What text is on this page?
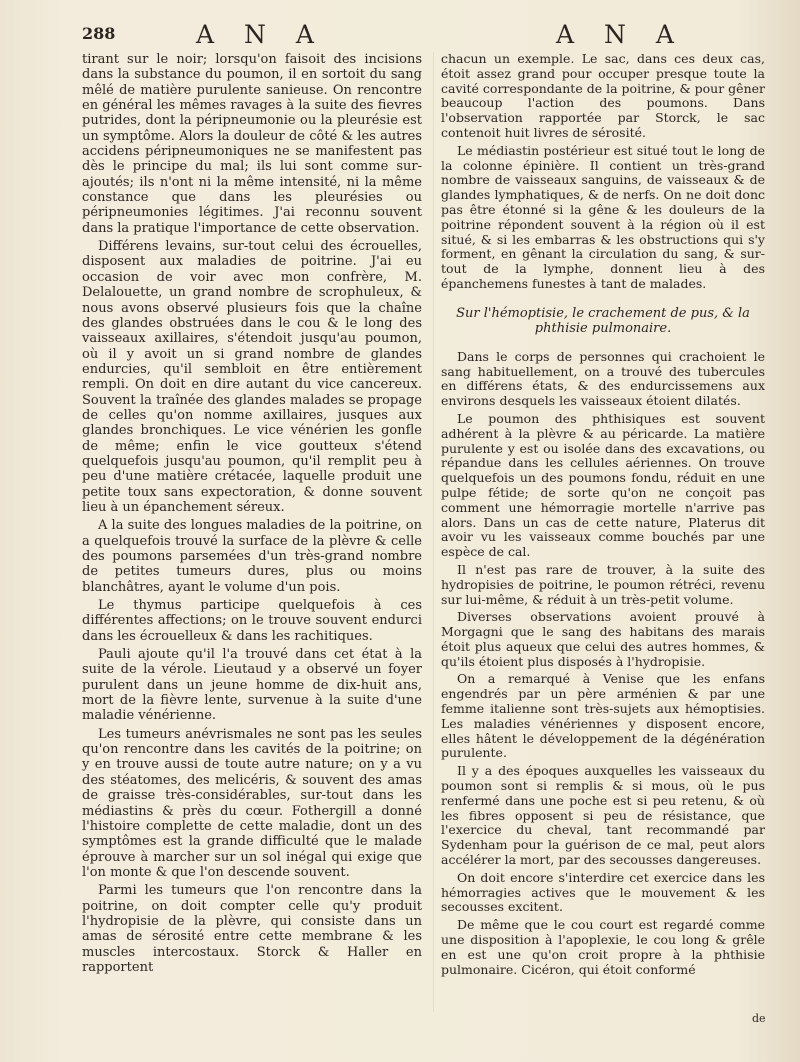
288	A N A	A N A

tirant sur le noir; lorsqu'on faisoit des incisions dans la substance du poumon, il en sortoit du sang mêlé de matière purulente sanieuse. On rencontre en général les mêmes ravages à la suite des fievres putrides, dont la péripneumonie ou la pleurésie est un symptôme. Alors la douleur de côté & les autres accidens péripneumoniques ne se manifestent pas dès le principe du mal; ils lui sont comme sur-ajoutés; ils n'ont ni la même intensité, ni la même constance que dans les pleurésies ou péripneumonies légitimes. J'ai reconnu souvent dans la pratique l'importance de cette observation.

Différens levains, sur-tout celui des écrouelles, disposent aux maladies de poitrine. J'ai eu occasion de voir avec mon confrère, M. Delalouette, un grand nombre de scrophuleux, & nous avons observé plusieurs fois que la chaîne des glandes obstruées dans le cou & le long des vaisseaux axillaires, s'étendoit jusqu'au poumon, où il y avoit un si grand nombre de glandes endurcies, qu'il sembloit en être entièrement rempli. On doit en dire autant du vice cancereux. Souvent la traînée des glandes malades se propage de celles qu'on nomme axillaires, jusques aux glandes bronchiques. Le vice vénérien les gonfle de même; enfin le vice goutteux s'étend quelquefois jusqu'au poumon, qu'il remplit peu à peu d'une matière crétacée, laquelle produit une petite toux sans expectoration, & donne souvent lieu à un épanchement séreux.

A la suite des longues maladies de la poitrine, on a quelquefois trouvé la surface de la plèvre & celle des poumons parsemées d'un très-grand nombre de petites tumeurs dures, plus ou moins blanchâtres, ayant le volume d'un pois.

Le thymus participe quelquefois à ces différentes affections; on le trouve souvent endurci dans les écrouelleux & dans les rachitiques.

Pauli ajoute qu'il l'a trouvé dans cet état à la suite de la vérole. Lieutaud y a observé un foyer purulent dans un jeune homme de dix-huit ans, mort de la fièvre lente, survenue à la suite d'une maladie vénérienne.

Les tumeurs anévrismales ne sont pas les seules qu'on rencontre dans les cavités de la poitrine; on y en trouve aussi de toute autre nature; on y a vu des stéatomes, des melicéris, & souvent des amas de graisse très-considérables, sur-tout dans les médiastins & près du cœur. Fothergill a donné l'histoire complette de cette maladie, dont un des symptômes est la grande difficulté que le malade éprouve à marcher sur un sol inégal qui exige que l'on monte & que l'on descende souvent.

Parmi les tumeurs que l'on rencontre dans la poitrine, on doit compter celle qu'y produit l'hydropisie de la plèvre, qui consiste dans un amas de sérosité entre cette membrane & les muscles intercostaux. Storck & Haller en rapportent

chacun un exemple. Le sac, dans ces deux cas, étoit assez grand pour occuper presque toute la cavité correspondante de la poitrine, & pour gêner beaucoup l'action des poumons. Dans l'observation rapportée par Storck, le sac contenoit huit livres de sérosité.

Le médiastin postérieur est situé tout le long de la colonne épinière. Il contient un très-grand nombre de vaisseaux sanguins, de vaisseaux & de glandes lymphatiques, & de nerfs. On ne doit donc pas être étonné si la gêne & les douleurs de la poitrine répondent souvent à la région où il est situé, & si les embarras & les obstructions qui s'y forment, en gênant la circulation du sang, & sur-tout de la lymphe, donnent lieu à des épanchemens funestes à tant de malades.

Sur l'hémoptisie, le crachement de pus, & la
phthisie pulmonaire.

Dans le corps de personnes qui crachoient le sang habituellement, on a trouvé des tubercules en différens états, & des endurcissemens aux environs desquels les vaisseaux étoient dilatés.

Le poumon des phthisiques est souvent adhérent à la plèvre & au péricarde. La matière purulente y est ou isolée dans des excavations, ou répandue dans les cellules aériennes. On trouve quelquefois un des poumons fondu, réduit en une pulpe fétide; de sorte qu'on ne conçoit pas comment une hémorragie mortelle n'arrive pas alors. Dans un cas de cette nature, Platerus dit avoir vu les vaisseaux comme bouchés par une espèce de cal.

Il n'est pas rare de trouver, à la suite des hydropisies de poitrine, le poumon rétréci, revenu sur lui-même, & réduit à un très-petit volume.

Diverses observations avoient prouvé à Morgagni que le sang des habitans des marais étoit plus aqueux que celui des autres hommes, & qu'ils étoient plus disposés à l'hydropisie.

On a remarqué à Venise que les enfans engendrés par un père arménien & par une femme italienne sont très-sujets aux hémoptisies. Les maladies vénériennes y disposent encore, elles hâtent le développement de la dégénération purulente.

Il y a des époques auxquelles les vaisseaux du poumon sont si remplis & si mous, où le pus renfermé dans une poche est si peu retenu, & où les fibres opposent si peu de résistance, que l'exercice du cheval, tant recommandé par Sydenham pour la guérison de ce mal, peut alors accélérer la mort, par des secousses dangereuses.

On doit encore s'interdire cet exercice dans les hémorragies actives que le mouvement & les secousses excitent.

De même que le cou court est regardé comme une disposition à l'apoplexie, le cou long & grêle en est une qu'on croit propre à la phthisie pulmonaire. Cicéron, qui étoit conformé

de
